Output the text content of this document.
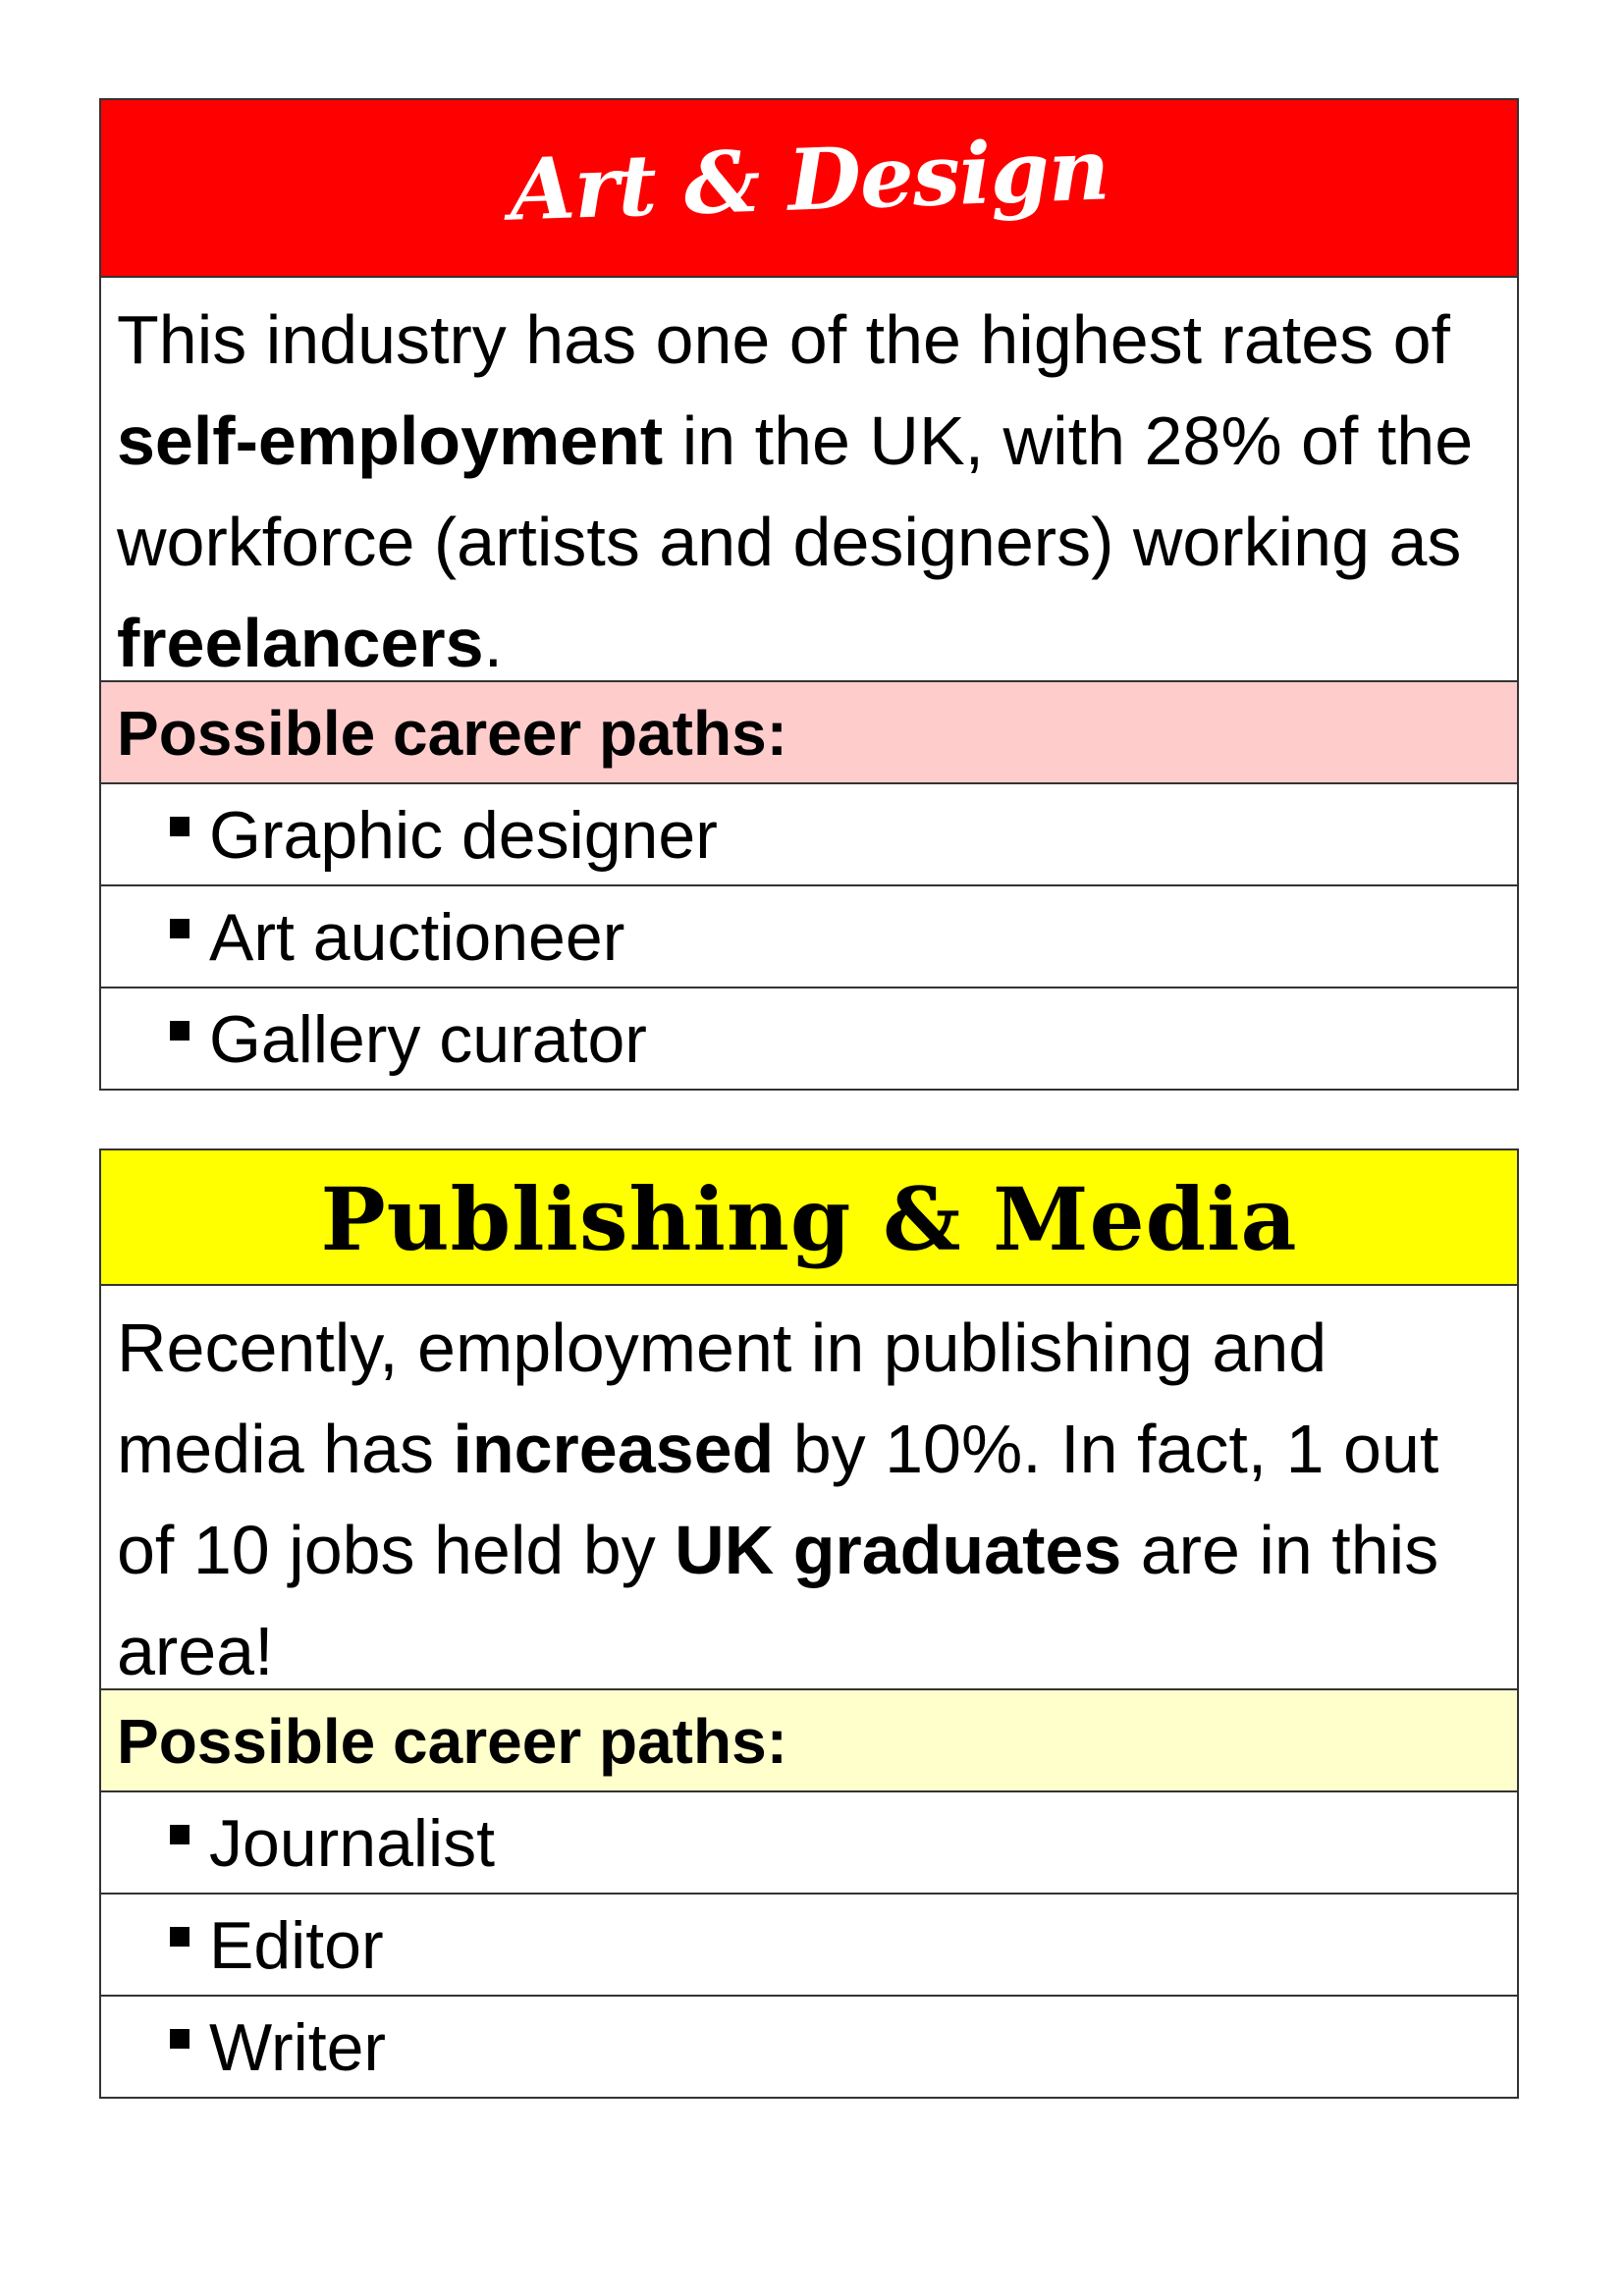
Art & Design
This industry has one of the highest rates of self-employment in the UK, with 28% of the workforce (artists and designers) working as freelancers.
Possible career paths:
Graphic designer
Art auctioneer
Gallery curator
Publishing & Media
Recently, employment in publishing and media has increased by 10%. In fact, 1 out of 10 jobs held by UK graduates are in this area!
Possible career paths:
Journalist
Editor
Writer
